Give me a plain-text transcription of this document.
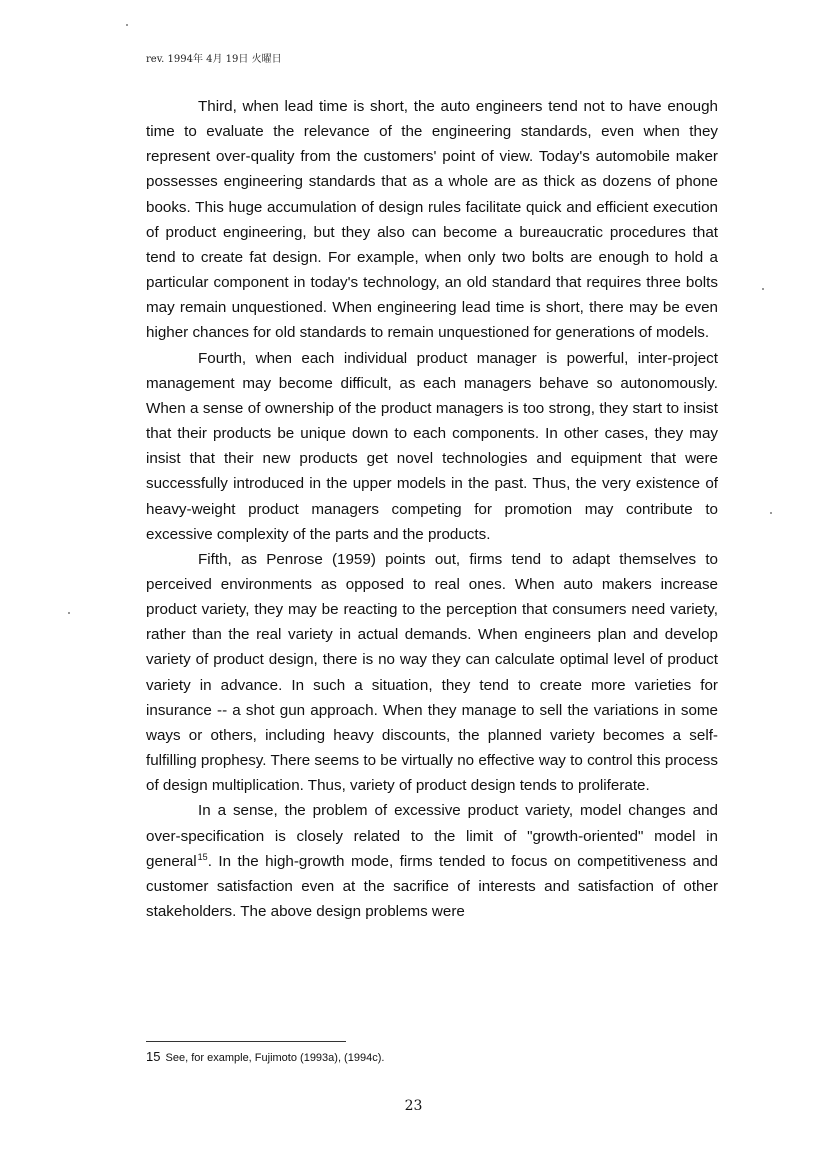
rev. 1994年 4月 19日 火曜日

Third, when lead time is short, the auto engineers tend not to have enough time to evaluate the relevance of the engineering standards, even when they represent over-quality from the customers' point of view. Today's automobile maker possesses engineering standards that as a whole are as thick as dozens of phone books. This huge accumulation of design rules facilitate quick and efficient execution of product engineering, but they also can become a bureaucratic procedures that tend to create fat design. For example, when only two bolts are enough to hold a particular component in today's technology, an old standard that requires three bolts may remain unquestioned. When engineering lead time is short, there may be even higher chances for old standards to remain unquestioned for generations of models.

Fourth, when each individual product manager is powerful, inter-project management may become difficult, as each managers behave so autonomously. When a sense of ownership of the product managers is too strong, they start to insist that their products be unique down to each components. In other cases, they may insist that their new products get novel technologies and equipment that were successfully introduced in the upper models in the past. Thus, the very existence of heavy-weight product managers competing for promotion may contribute to excessive complexity of the parts and the products.

Fifth, as Penrose (1959) points out, firms tend to adapt themselves to perceived environments as opposed to real ones. When auto makers increase product variety, they may be reacting to the perception that consumers need variety, rather than the real variety in actual demands. When engineers plan and develop variety of product design, there is no way they can calculate optimal level of product variety in advance. In such a situation, they tend to create more varieties for insurance -- a shot gun approach. When they manage to sell the variations in some ways or others, including heavy discounts, the planned variety becomes a self-fulfilling prophesy. There seems to be virtually no effective way to control this process of design multiplication. Thus, variety of product design tends to proliferate.

In a sense, the problem of excessive product variety, model changes and over-specification is closely related to the limit of "growth-oriented" model in general$^{15}$. In the high-growth mode, firms tended to focus on competitiveness and customer satisfaction even at the sacrifice of interests and satisfaction of other stakeholders. The above design problems were

15 See, for example, Fujimoto (1993a), (1994c).
23
